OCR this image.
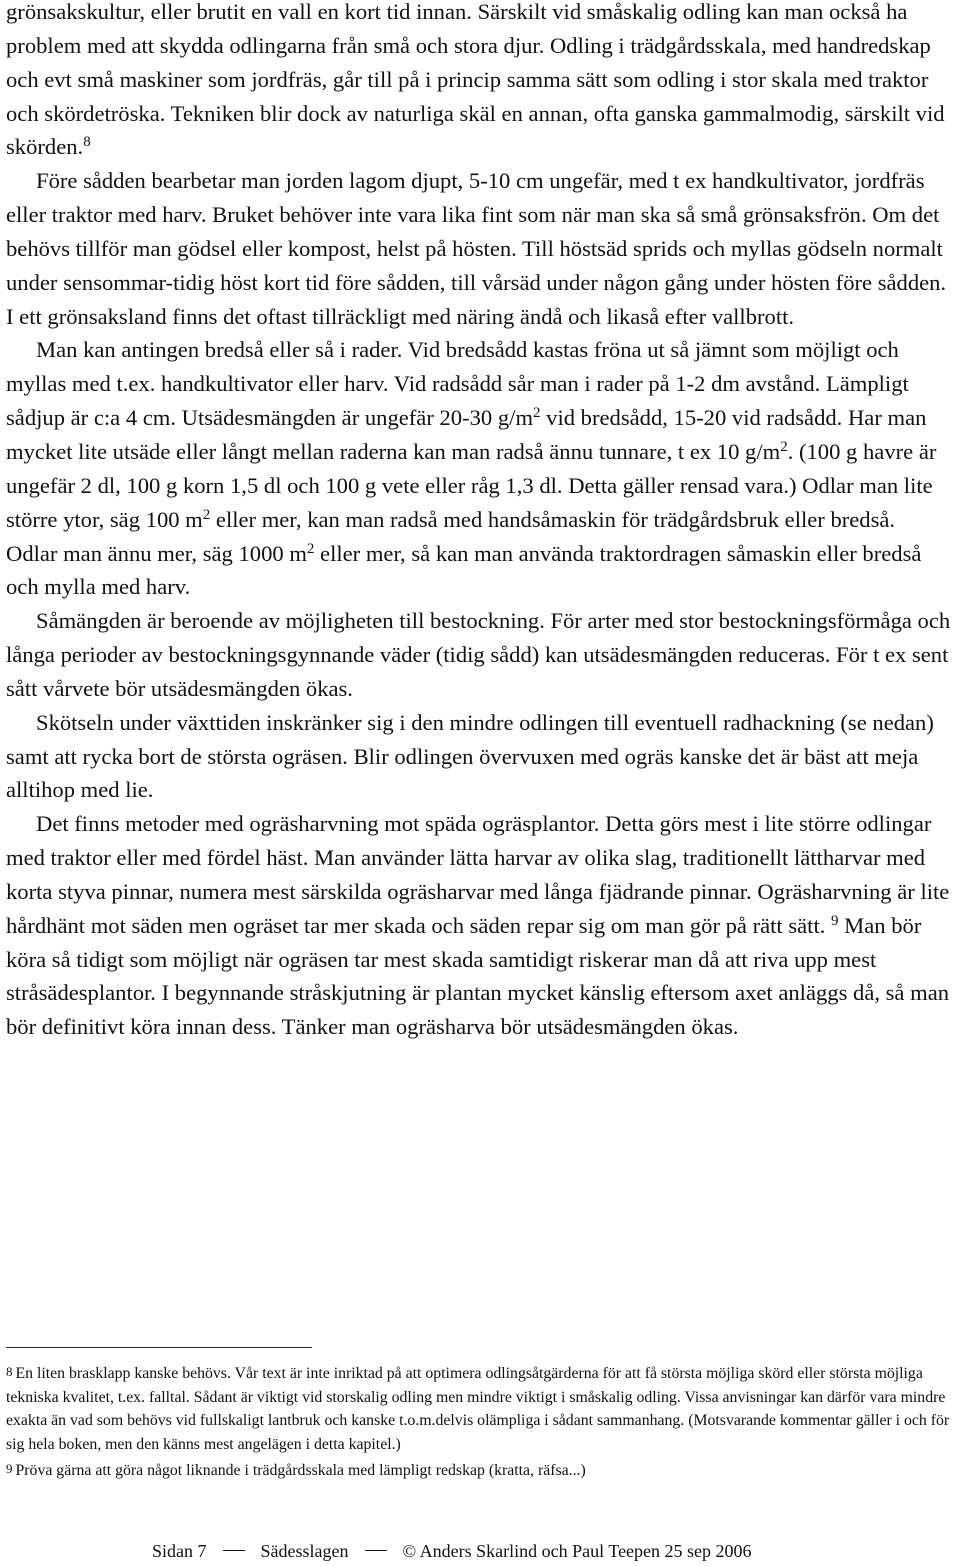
grönsakskultur, eller brutit en vall en kort tid innan. Särskilt vid småskalig odling kan man också ha problem med att skydda odlingarna från små och stora djur. Odling i trädgårdsskala, med handredskap och evt små maskiner som jordfräs, går till på i princip samma sätt som odling i stor skala med traktor och skördetröska. Tekniken blir dock av naturliga skäl en annan, ofta ganska gammalmodig, särskilt vid skörden.$^8$

Före sådden bearbetar man jorden lagom djupt, 5-10 cm ungefär, med t ex handkultivator, jordfräs eller traktor med harv. Bruket behöver inte vara lika fint som när man ska så små grönsaksfrön. Om det behövs tillför man gödsel eller kompost, helst på hösten. Till höstsäd sprids och myllas gödseln normalt under sensommar-tidig höst kort tid före sådden, till vårsäd under någon gång under hösten före sådden. I ett grönsaksland finns det oftast tillräckligt med näring ändå och likaså efter vallbrott.

Man kan antingen bredså eller så i rader. Vid bredsådd kastas fröna ut så jämnt som möjligt och myllas med t.ex. handkultivator eller harv. Vid radsådd sår man i rader på 1-2 dm avstånd. Lämpligt sådjup är c:a 4 cm. Utsädesmängden är ungefär 20-30 $g/m^2$ vid bredsådd, 15-20 vid radsådd. Har man mycket lite utsäde eller långt mellan raderna kan man radså ännu tunnare, t ex 10 $g/m^2$. (100 g havre är ungefär 2 dl, 100 g korn 1,5 dl och 100 g vete eller råg 1,3 dl. Detta gäller rensad vara.) Odlar man lite större ytor, säg 100 $m^2$ eller mer, kan man radså med handsåmaskin för trädgårdsbruk eller bredså. Odlar man ännu mer, säg 1000 $m^2$ eller mer, så kan man använda traktordragen såmaskin eller bredså och mylla med harv.

Såmängden är beroende av möjligheten till bestockning. För arter med stor bestockningsförmåga och långa perioder av bestockningsgynnande väder (tidig sådd) kan utsädesmängden reduceras. För t ex sent sått vårvete bör utsädesmängden ökas.

Skötseln under växttiden inskränker sig i den mindre odlingen till eventuell radhackning (se nedan) samt att rycka bort de största ogräsen. Blir odlingen övervuxen med ogräs kanske det är bäst att meja alltihop med lie.

Det finns metoder med ogräsharvning mot späda ogräsplantor. Detta görs mest i lite större odlingar med traktor eller med fördel häst. Man använder lätta harvar av olika slag, traditionellt lättharvar med korta styva pinnar, numera mest särskilda ogräsharvar med långa fjädrande pinnar. Ogräsharvning är lite hårdhänt mot säden men ogräset tar mer skada och säden repar sig om man gör på rätt sätt. $^9$ Man bör köra så tidigt som möjligt när ogräsen tar mest skada samtidigt riskerar man då att riva upp mest stråsädesplantor. I begynnande stråskjutning är plantan mycket känslig eftersom axet anläggs då, så man bör definitivt köra innan dess. Tänker man ogräsharva bör utsädesmängden ökas.

8 En liten brasklapp kanske behövs. Vår text är inte inriktad på att optimera odlingsåtgärderna för att få största möjliga skörd eller största möjliga tekniska kvalitet, t.ex. falltal. Sådant är viktigt vid storskalig odling men mindre viktigt i småskalig odling. Vissa anvisningar kan därför vara mindre exakta än vad som behövs vid fullskaligt lantbruk och kanske t.o.m.delvis olämpliga i sådant sammanhang. (Motsvarande kommentar gäller i och för sig hela boken, men den känns mest angelägen i detta kapitel.)

9 Pröva gärna att göra något liknande i trädgårdsskala med lämpligt redskap (kratta, räfsa...)

Sidan 7	Sädesslagen	© Anders Skarlind och Paul Teepen 25 sep 2006
